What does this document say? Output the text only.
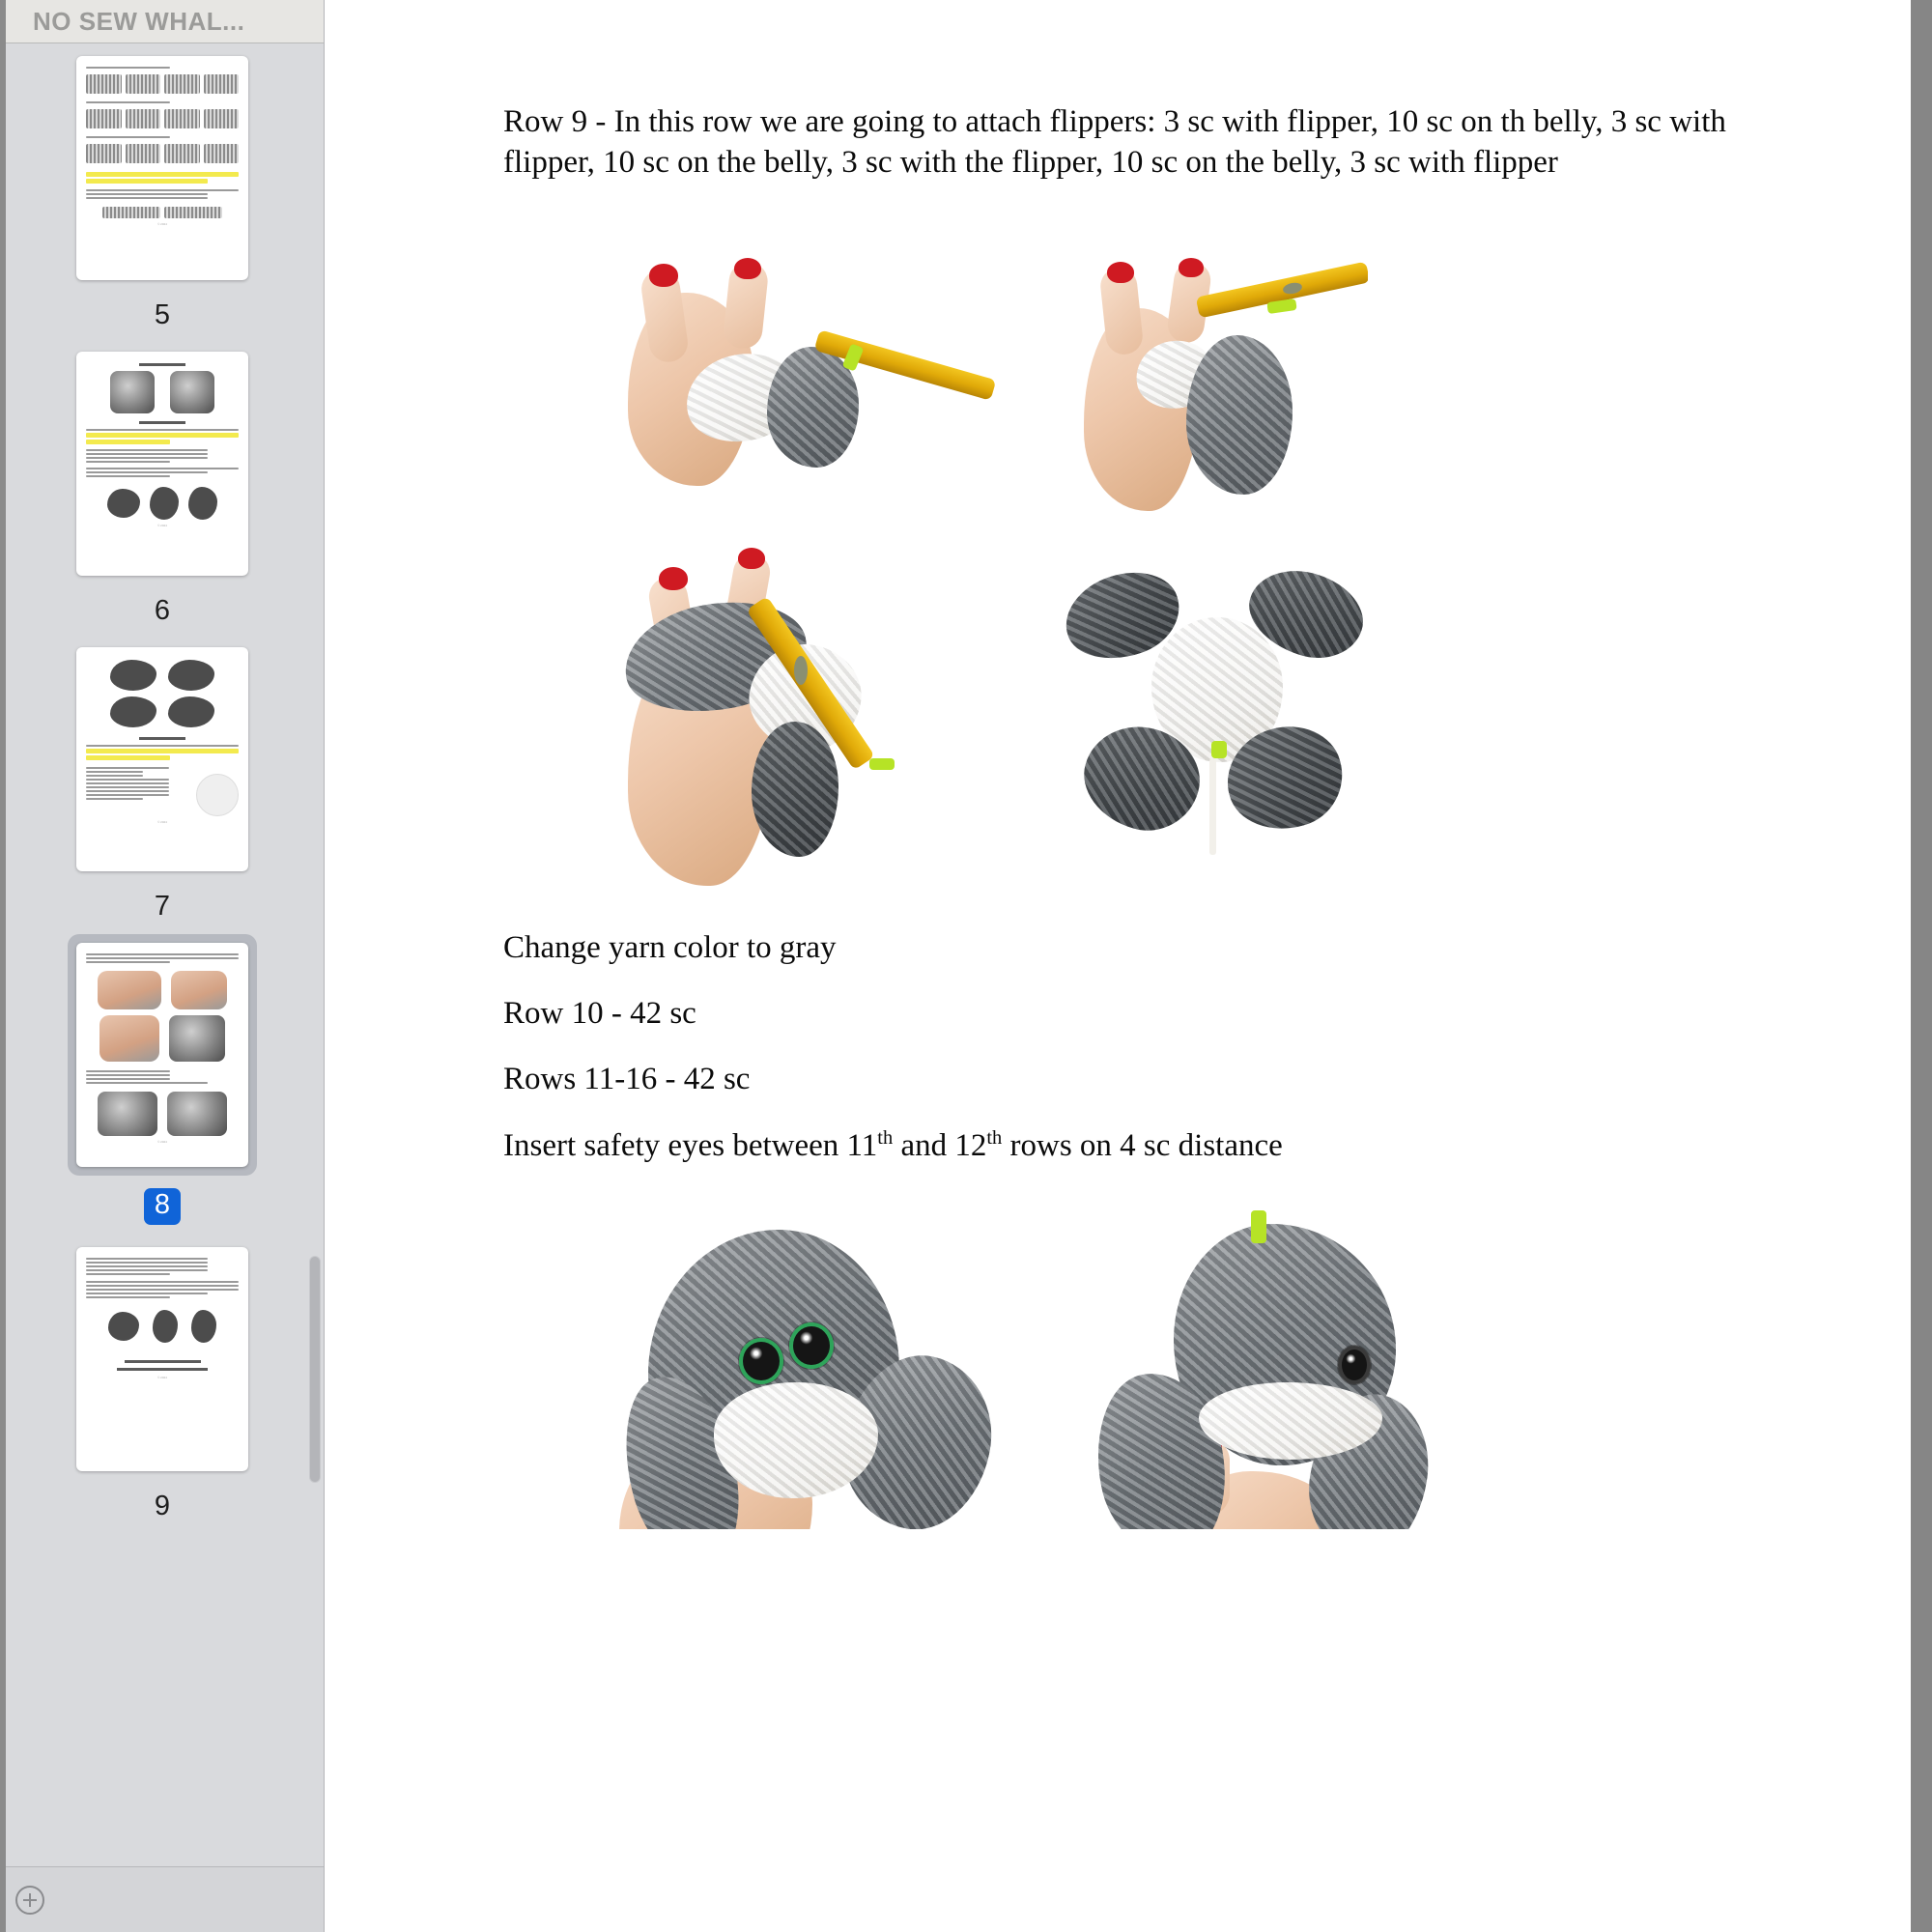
NO SEW WHAL...
© 2024
5
© 2024
6
© 2024
7
© 2024
8
© 2024
9
Row 9 - In this row we are going to attach flippers: 3 sc with flipper, 10 sc on th belly, 3 sc with flipper, 10 sc on the belly, 3 sc with the flipper, 10 sc on the belly, 3 sc with flipper
Change yarn color to gray
Row 10 - 42 sc
Rows 11-16 - 42 sc
Insert safety eyes between 11th and 12th rows on 4 sc distance
